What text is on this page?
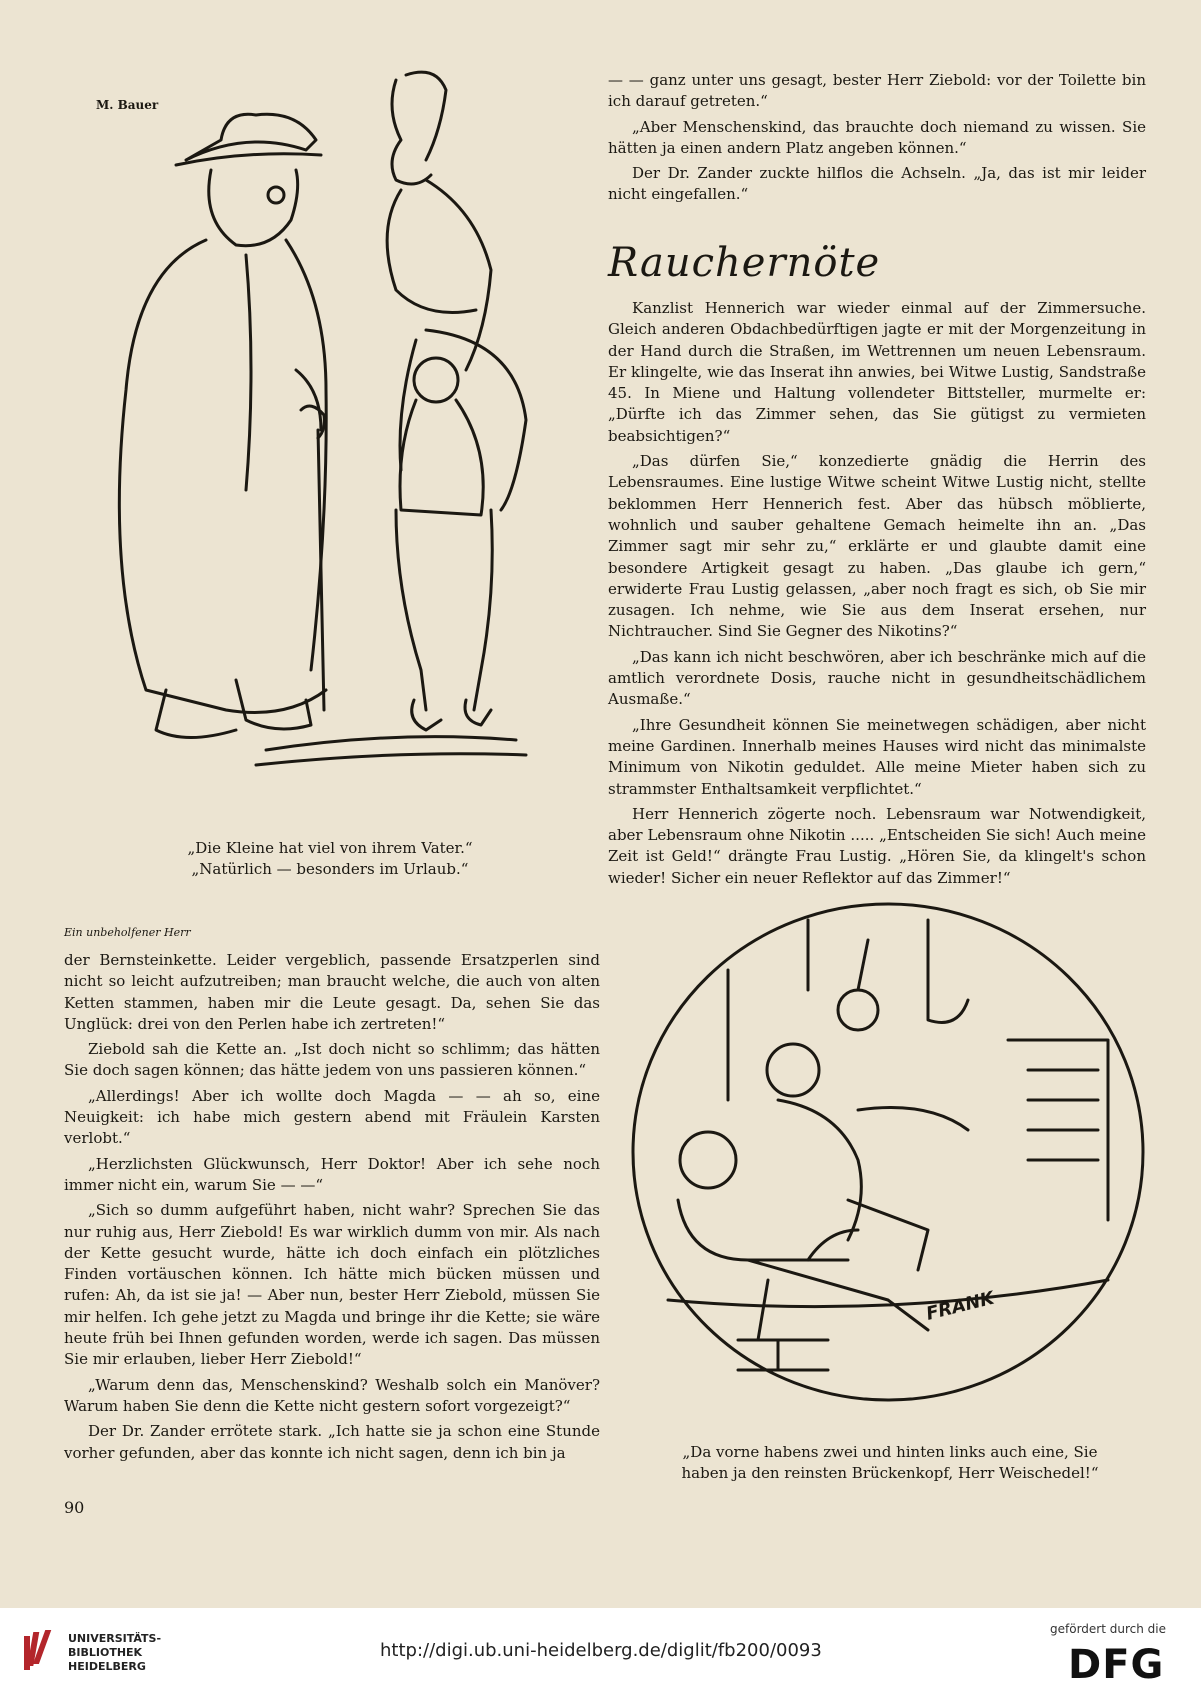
M. Bauer
„Die Kleine hat viel von ihrem Vater.“
„Natürlich — besonders im Urlaub.“

— — ganz unter uns gesagt, bester Herr Ziebold: vor der Toilette bin ich darauf getreten.“

„Aber Menschenskind, das brauchte doch niemand zu wissen. Sie hätten ja einen andern Platz angeben können.“

Der Dr. Zander zuckte hilflos die Achseln. „Ja, das ist mir leider nicht eingefallen.“

Rauchernöte

Kanzlist Hennerich war wieder einmal auf der Zimmersuche. Gleich anderen Obdachbedürftigen jagte er mit der Morgenzeitung in der Hand durch die Straßen, im Wettrennen um neuen Lebensraum. Er klingelte, wie das Inserat ihn anwies, bei Witwe Lustig, Sandstraße 45. In Miene und Haltung vollendeter Bittsteller, murmelte er: „Dürfte ich das Zimmer sehen, das Sie gütigst zu vermieten beabsichtigen?“

„Das dürfen Sie,“ konzedierte gnädig die Herrin des Lebensraumes. Eine lustige Witwe scheint Witwe Lustig nicht, stellte beklommen Herr Hennerich fest. Aber das hübsch möblierte, wohnlich und sauber gehaltene Gemach heimelte ihn an. „Das Zimmer sagt mir sehr zu,“ erklärte er und glaubte damit eine besondere Artigkeit gesagt zu haben. „Das glaube ich gern,“ erwiderte Frau Lustig gelassen, „aber noch fragt es sich, ob Sie mir zusagen. Ich nehme, wie Sie aus dem Inserat ersehen, nur Nichtraucher. Sind Sie Gegner des Nikotins?“

„Das kann ich nicht beschwören, aber ich beschränke mich auf die amtlich verordnete Dosis, rauche nicht in gesundheitschädlichem Ausmaße.“

„Ihre Gesundheit können Sie meinetwegen schädigen, aber nicht meine Gardinen. Innerhalb meines Hauses wird nicht das minimalste Minimum von Nikotin geduldet. Alle meine Mieter haben sich zu strammster Enthaltsamkeit verpflichtet.“

Herr Hennerich zögerte noch. Lebensraum war Notwendigkeit, aber Lebensraum ohne Nikotin ..... „Entscheiden Sie sich! Auch meine Zeit ist Geld!“ drängte Frau Lustig. „Hören Sie, da klingelt's schon wieder! Sicher ein neuer Reflektor auf das Zimmer!“

Ein unbeholfener Herr

der Bernsteinkette. Leider vergeblich, passende Ersatzperlen sind nicht so leicht aufzutreiben; man braucht welche, die auch von alten Ketten stammen, haben mir die Leute gesagt. Da, sehen Sie das Unglück: drei von den Perlen habe ich zertreten!“

Ziebold sah die Kette an. „Ist doch nicht so schlimm; das hätten Sie doch sagen können; das hätte jedem von uns passieren können.“

„Allerdings! Aber ich wollte doch Magda — — ah so, eine Neuigkeit: ich habe mich gestern abend mit Fräulein Karsten verlobt.“

„Herzlichsten Glückwunsch, Herr Doktor! Aber ich sehe noch immer nicht ein, warum Sie — —“

„Sich so dumm aufgeführt haben, nicht wahr? Sprechen Sie das nur ruhig aus, Herr Ziebold! Es war wirklich dumm von mir. Als nach der Kette gesucht wurde, hätte ich doch einfach ein plötzliches Finden vortäuschen können. Ich hätte mich bücken müssen und rufen: Ah, da ist sie ja! — Aber nun, bester Herr Ziebold, müssen Sie mir helfen. Ich gehe jetzt zu Magda und bringe ihr die Kette; sie wäre heute früh bei Ihnen gefunden worden, werde ich sagen. Das müssen Sie mir erlauben, lieber Herr Ziebold!“

„Warum denn das, Menschenskind? Weshalb solch ein Manöver? Warum haben Sie denn die Kette nicht gestern sofort vorgezeigt?“

Der Dr. Zander errötete stark. „Ich hatte sie ja schon eine Stunde vorher gefunden, aber das konnte ich nicht sagen, denn ich bin ja

90
FRANK
„Da vorne habens zwei und hinten links auch eine, Sie
haben ja den reinsten Brückenkopf, Herr Weischedel!“
UNIVERSITÄTS-
BIBLIOTHEK
HEIDELBERG
http://digi.ub.uni-heidelberg.de/diglit/fb200/0093
gefördert durch die
DFG
